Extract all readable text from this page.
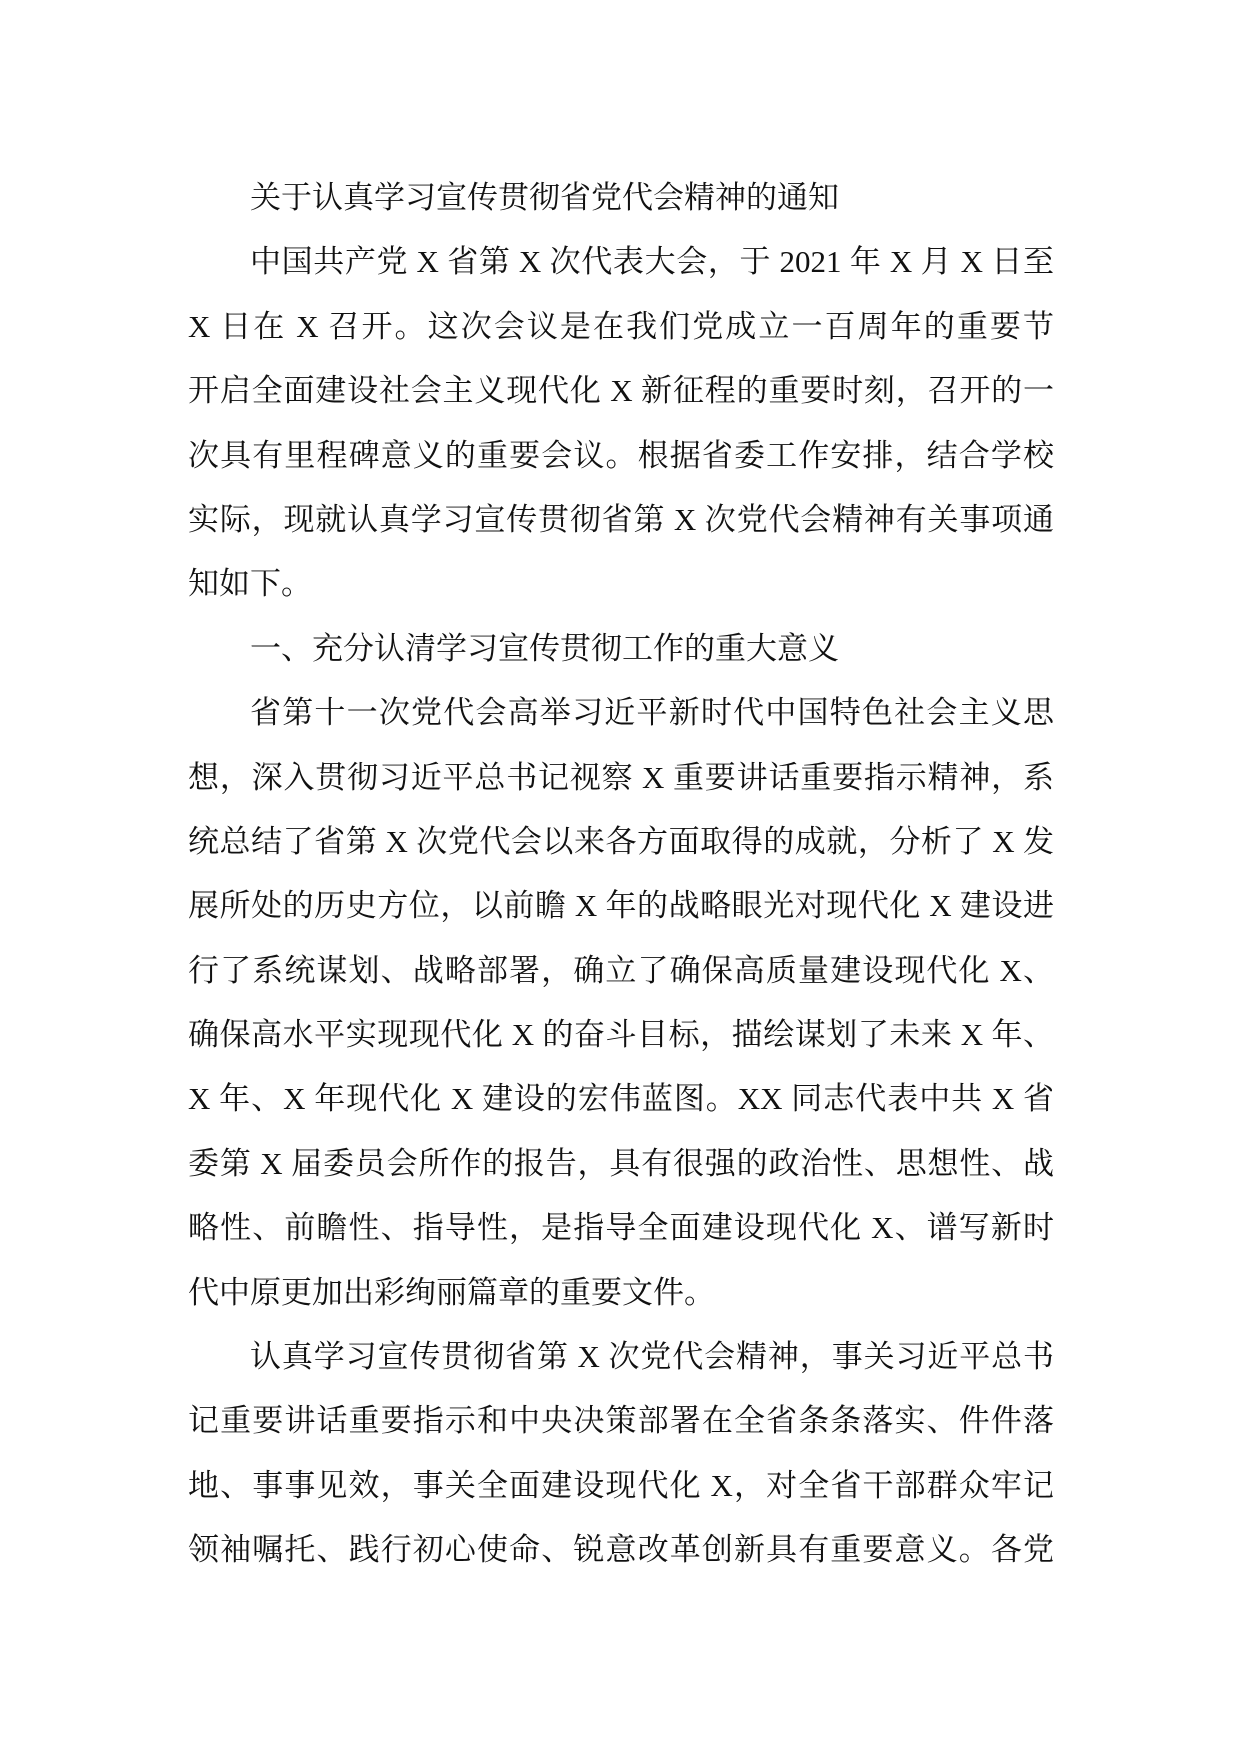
关于认真学习宣传贯彻省党代会精神的通知
中国共产党 X 省第 X 次代表大会，于 2021 年 X 月 X 日至
X 日在 X 召开。这次会议是在我们党成立一百周年的重要节
开启全面建设社会主义现代化 X 新征程的重要时刻，召开的一
次具有里程碑意义的重要会议。根据省委工作安排，结合学校
实际，现就认真学习宣传贯彻省第 X 次党代会精神有关事项通
知如下。
一、充分认清学习宣传贯彻工作的重大意义
省第十一次党代会高举习近平新时代中国特色社会主义思
想，深入贯彻习近平总书记视察 X 重要讲话重要指示精神，系
统总结了省第 X 次党代会以来各方面取得的成就，分析了 X 发
展所处的历史方位，以前瞻 X 年的战略眼光对现代化 X 建设进
行了系统谋划、战略部署，确立了确保高质量建设现代化 X、
确保高水平实现现代化 X 的奋斗目标，描绘谋划了未来 X 年、
X 年、X 年现代化 X 建设的宏伟蓝图。XX 同志代表中共 X 省
委第 X 届委员会所作的报告，具有很强的政治性、思想性、战
略性、前瞻性、指导性，是指导全面建设现代化 X、谱写新时
代中原更加出彩绚丽篇章的重要文件。
认真学习宣传贯彻省第 X 次党代会精神，事关习近平总书
记重要讲话重要指示和中央决策部署在全省条条落实、件件落
地、事事见效，事关全面建设现代化 X，对全省干部群众牢记
领袖嘱托、践行初心使命、锐意改革创新具有重要意义。各党
